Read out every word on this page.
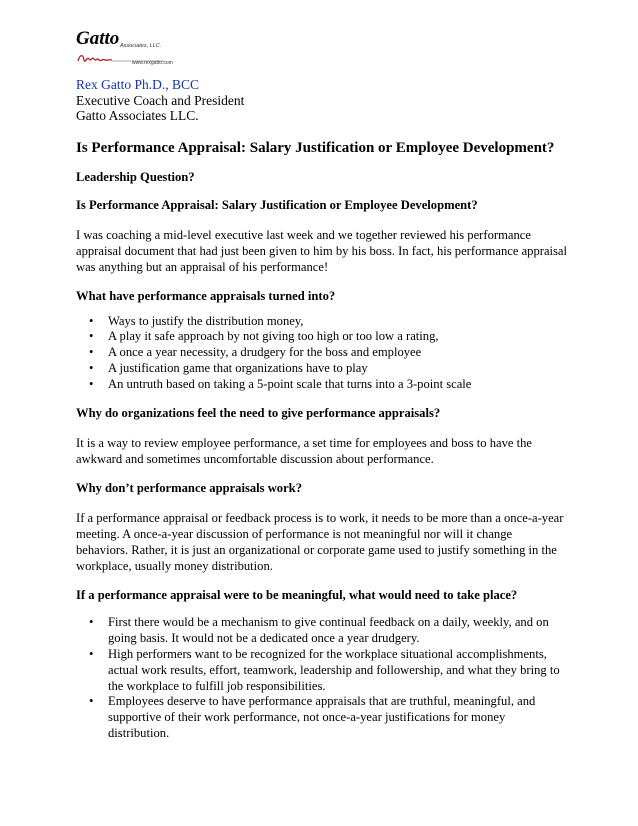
Gatto Associates, LLC.
www.rexgatto.com
Rex Gatto Ph.D., BCC
Executive Coach and President
Gatto Associates LLC.
Is Performance Appraisal: Salary Justification or Employee Development?
Leadership Question?
Is Performance Appraisal: Salary Justification or Employee Development?

I was coaching a mid-level executive last week and we together reviewed his performance
appraisal document that had just been given to him by his boss. In fact, his performance appraisal
was anything but an appraisal of his performance!

What have performance appraisals turned into?
• Ways to justify the distribution money,
• A play it safe approach by not giving too high or too low a rating,
• A once a year necessity, a drudgery for the boss and employee
• A justification game that organizations have to play
• An untruth based on taking a 5-point scale that turns into a 3-point scale
Why do organizations feel the need to give performance appraisals?

It is a way to review employee performance, a set time for employees and boss to have the
awkward and sometimes uncomfortable discussion about performance.

Why don’t performance appraisals work?

If a performance appraisal or feedback process is to work, it needs to be more than a once-a-year
meeting. A once-a-year discussion of performance is not meaningful nor will it change
behaviors. Rather, it is just an organizational or corporate game used to justify something in the
workplace, usually money distribution.

If a performance appraisal were to be meaningful, what would need to take place?
• First there would be a mechanism to give continual feedback on a daily, weekly, and on
going basis. It would not be a dedicated once a year drudgery.
• High performers want to be recognized for the workplace situational accomplishments,
actual work results, effort, teamwork, leadership and followership, and what they bring to
the workplace to fulfill job responsibilities.
• Employees deserve to have performance appraisals that are truthful, meaningful, and
supportive of their work performance, not once-a-year justifications for money
distribution.
